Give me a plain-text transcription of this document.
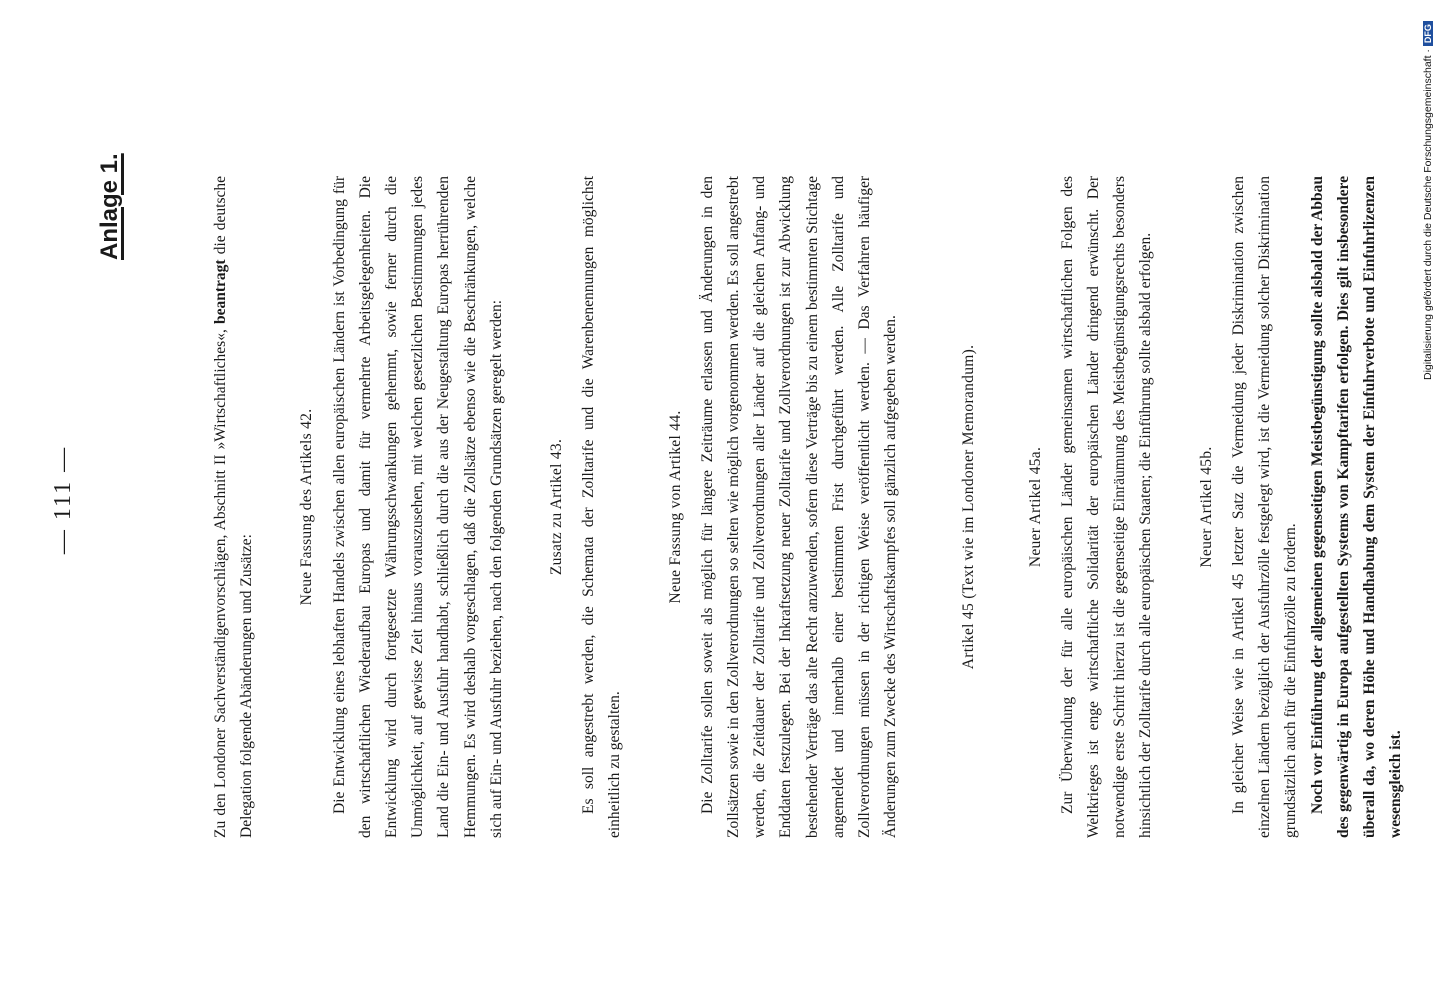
— 111 —
Anlage 1.

Zu den Londoner Sachverständigenvorschlägen, Abschnitt II »Wirtschaftliches«, beantragt die deutsche Delegation folgende Abänderungen und Zusätze:

Neue Fassung des Artikels 42. Die Entwicklung eines lebhaften Handels zwischen allen europäischen Ländern ist Vorbedingung für den wirtschaftlichen Wiederaufbau Europas und damit für vermehrte Arbeitsgelegenheiten. Die Entwicklung wird durch fortgesetzte Währungsschwankungen gehemmt, sowie ferner durch die Unmöglichkeit, auf gewisse Zeit hinaus vorauszusehen, mit welchen gesetzlichen Bestimmungen jedes Land die Ein- und Ausfuhr handhabt, schließlich durch die aus der Neugestaltung Europas herrührenden Hemmungen. Es wird deshalb vorgeschlagen, daß die Zollsätze ebenso wie die Beschränkungen, welche sich auf Ein- und Ausfuhr beziehen, nach den folgenden Grundsätzen geregelt werden:	Zusatz zu Artikel 43. Es soll angestrebt werden, die Schemata der Zolltarife und die Warenbenennungen möglichst einheitlich zu gestalten.

Neue Fassung von Artikel 44. Die Zolltarife sollen soweit als möglich für längere Zeiträume erlassen und Änderungen in den Zollsätzen sowie in den Zollverordnungen so selten wie möglich vorgenommen werden. Es soll angestrebt werden, die Zeitdauer der Zolltarife und Zollverordnungen aller Länder auf die gleichen Anfang- und Enddaten festzulegen. Bei der Inkraftsetzung neuer Zolltarife und Zollverordnungen ist zur Abwicklung bestehender Verträge das alte Recht anzuwenden, sofern diese Verträge bis zu einem bestimmten Stichtage angemeldet und innerhalb einer bestimmten Frist durchgeführt werden. Alle Zolltarife und Zollverordnungen müssen in der richtigen Weise veröffentlicht werden. — Das Verfahren häufiger Änderungen zum Zwecke des Wirtschaftskampfes soll gänzlich aufgegeben werden.	Artikel 45 (Text wie im Londoner Memorandum).	Neuer Artikel 45a. Zur Überwindung der für alle europäischen Länder gemeinsamen wirtschaftlichen Folgen des Weltkrieges ist enge wirtschaftliche Solidarität der europäischen Länder dringend erwünscht. Der notwendige erste Schritt hierzu ist die gegenseitige Einräumung des Meistbegünstigungsrechts besonders hinsichtlich der Zolltarife durch alle europäischen Staaten; die Einführung sollte alsbald erfolgen.	Neuer Artikel 45b. In gleicher Weise wie in Artikel 45 letzter Satz die Vermeidung jeder Diskrimination zwischen einzelnen Ländern bezüglich der Ausfuhrzölle festgelegt wird, ist die Vermeidung solcher Diskrimination grundsätzlich auch für die Einfuhrzölle zu fordern. Noch vor Einführung der allgemeinen gegenseitigen Meistbegünstigung sollte alsbald der Abbau des gegenwärtig in Europa aufgestellten Systems von Kampftarifen erfolgen. Dies gilt insbesondere überall da, wo deren Höhe und Handhabung dem System der Einfuhrverbote und Einfuhrlizenzen wesensgleich ist.

Digitalisierung gefördert durch die Deutsche Forschungsgemeinschaft ·DFG
